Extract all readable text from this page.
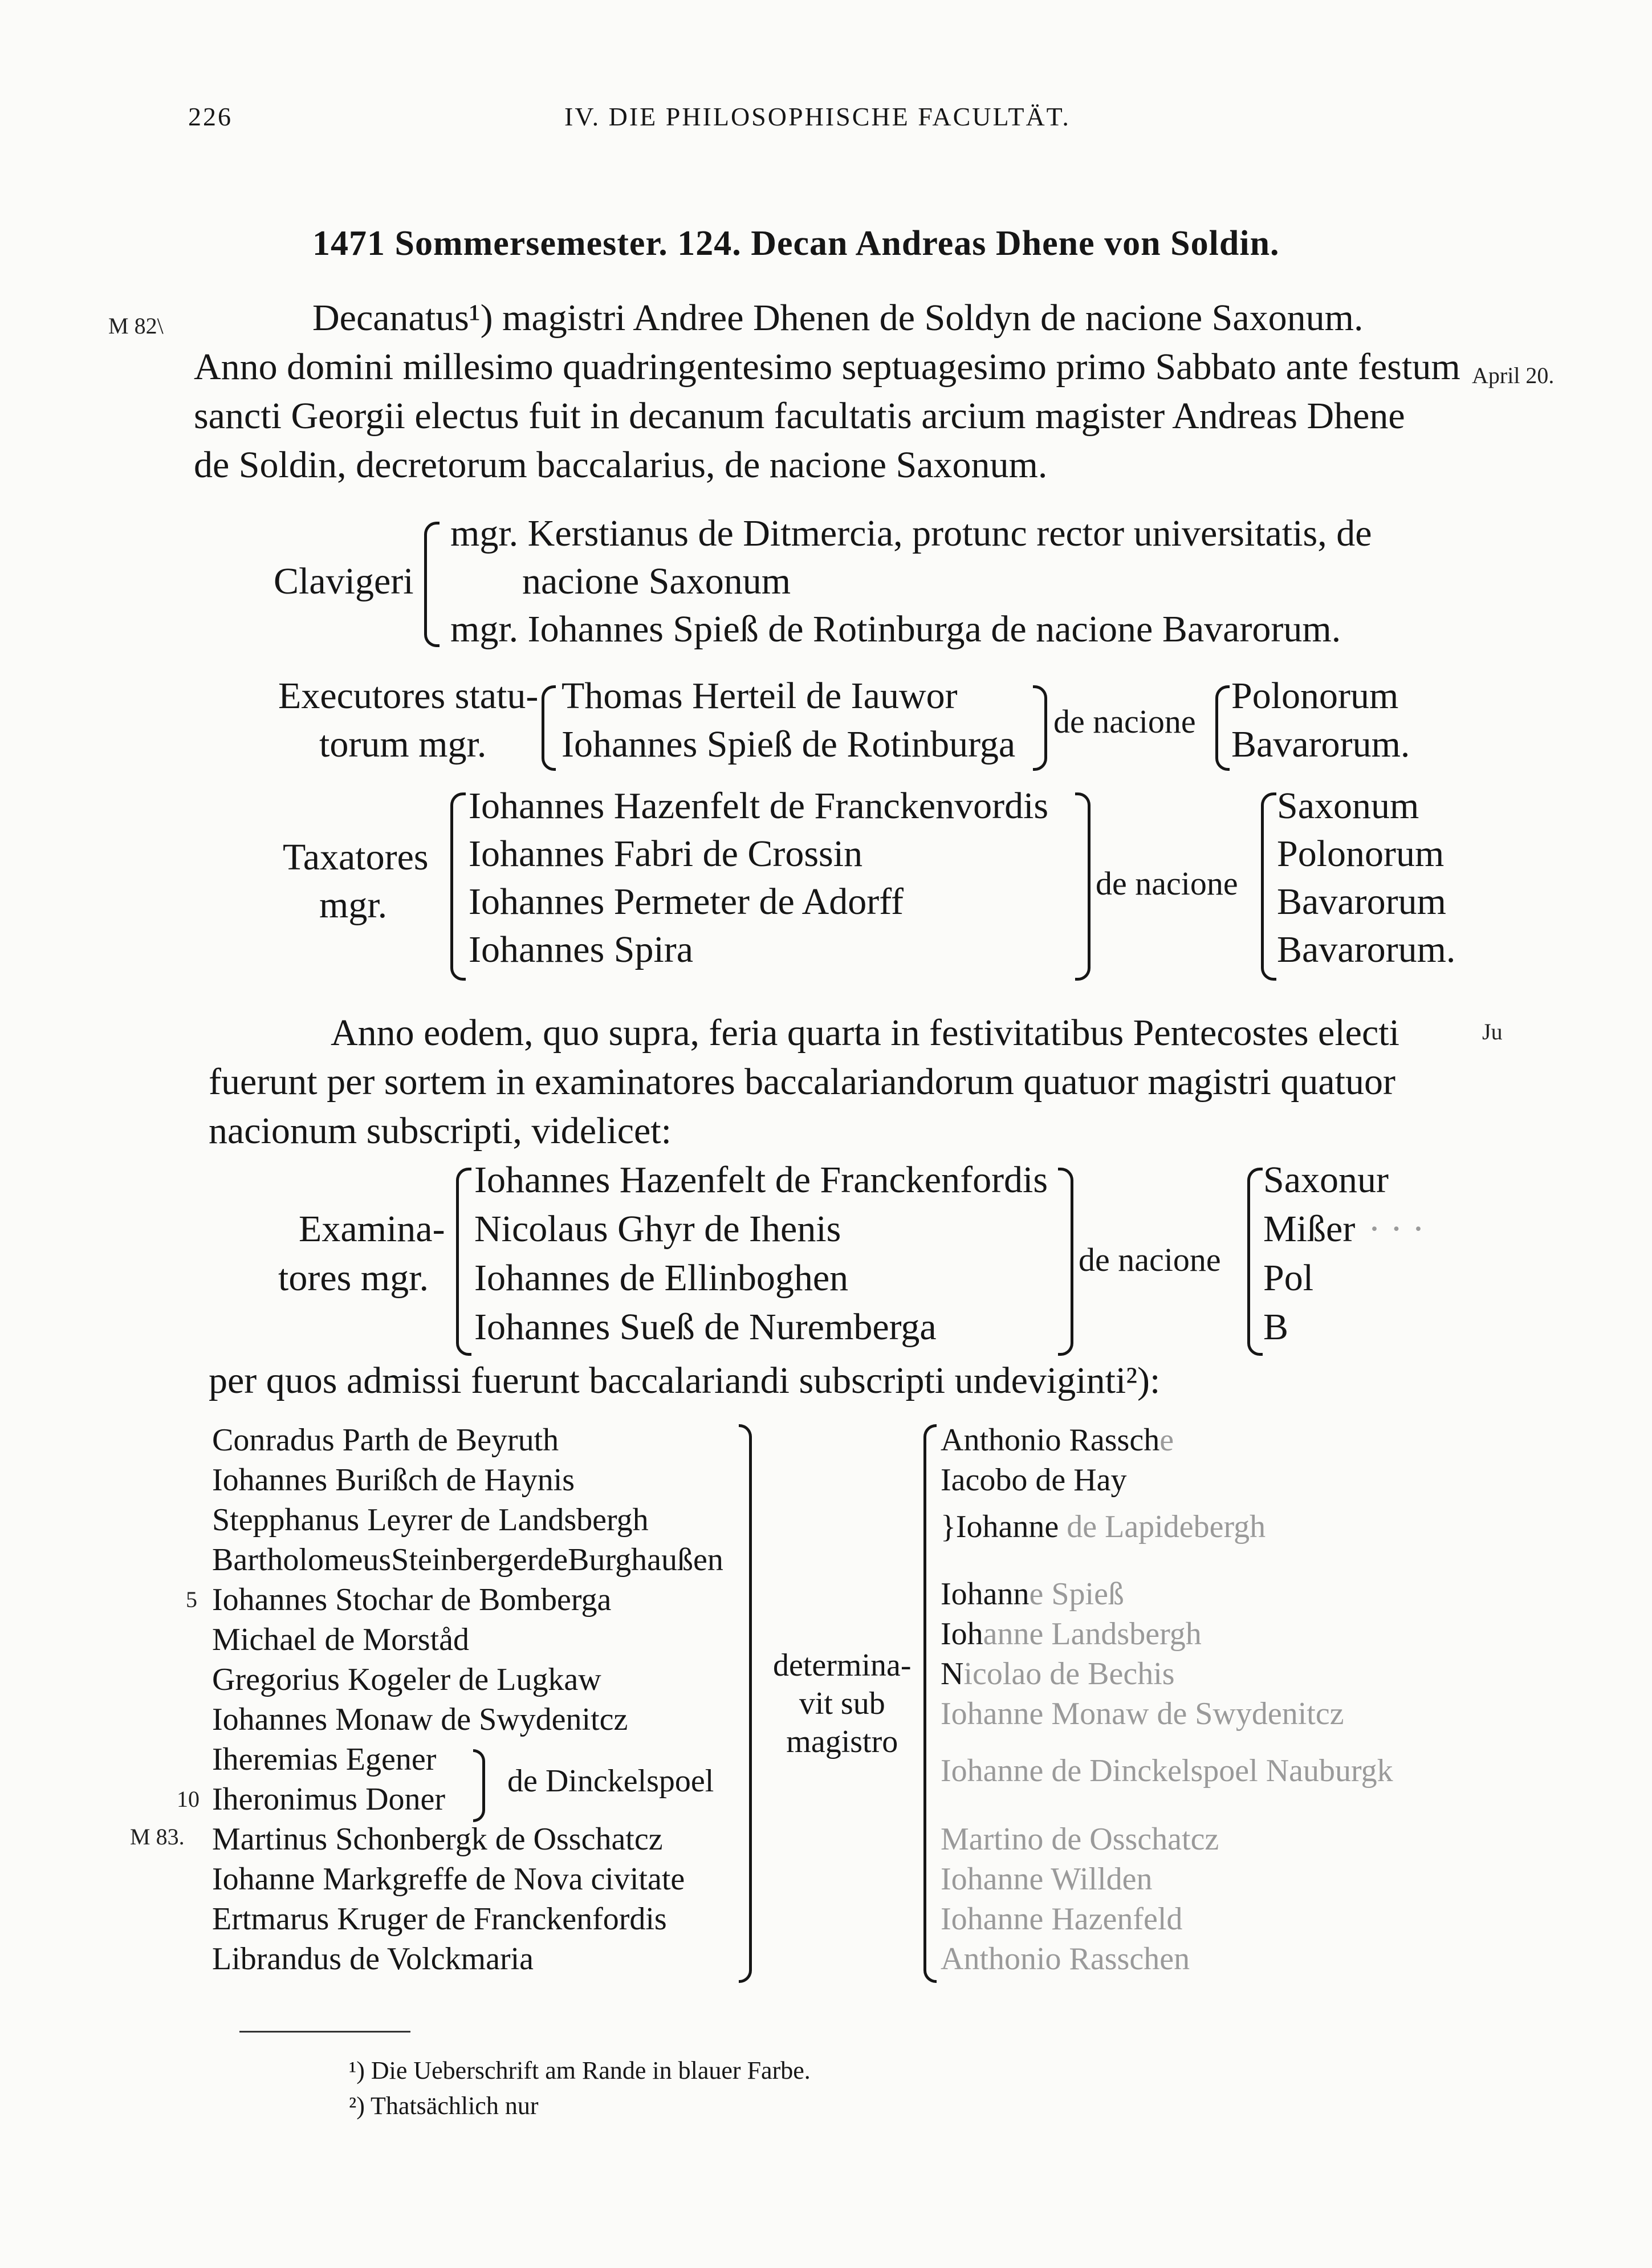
226	IV. DIE PHILOSOPHISCHE FACULTÄT.
1471 Sommersemester. 124. Decan Andreas Dhene von Soldin.
M 82\
April 20.
Ju
M 83.
Decanatus¹) magistri Andree Dhenen de Soldyn de nacione Saxonum.
Anno domini millesimo quadringentesimo septuagesimo primo Sabbato ante festum
sancti Georgii electus fuit in decanum facultatis arcium magister Andreas Dhene
de Soldin, decretorum baccalarius, de nacione Saxonum.
Clavigeri
mgr. Kerstianus de Ditmercia, protunc rector universitatis, de
nacione Saxonum
mgr. Iohannes Spieß de Rotinburga de nacione Bavarorum.
Executores statu-
torum mgr.
Thomas Herteil de Iauwor
Iohannes Spieß de Rotinburga
de nacione
Polonorum
Bavarorum.
Taxatores
mgr.
Iohannes Hazenfelt de Franckenvordis
Iohannes Fabri de Crossin
Iohannes Permeter de Adorff
Iohannes Spira
de nacione
Saxonum
Polonorum
Bavarorum
Bavarorum.
Anno eodem, quo supra, feria quarta in festivitatibus Pentecostes electi
fuerunt per sortem in examinatores baccalariandorum quatuor magistri quatuor
nacionum subscripti, videlicet:
Examina-
tores mgr.
Iohannes Hazenfelt de Franckenfordis
Nicolaus Ghyr de Ihenis
Iohannes de Ellinboghen
Iohannes Sueß de Nuremberga
de nacione
Saxonur
Mißer
Pol
B
· · ·
per quos admissi fuerunt baccalariandi subscripti undeviginti²):
Conradus Parth de Beyruth
Iohannes Burißch de Haynis
Stepphanus Leyrer de Landsbergh
BartholomeusSteinbergerdeBurghaußen
5 Iohannes Stochar de Bomberga
Michael de Morståd
Gregorius Kogeler de Lugkaw
Iohannes Monaw de Swydenitcz
Iheremias Egener
10 Iheronimus Doner
Martinus Schonbergk de Osschatcz
Iohanne Markgreffe de Nova civitate
Ertmarus Kruger de Franckenfordis
Librandus de Volckmaria
de Dinckelspoel
determina-
vit sub
magistro
Anthonio Rassche
Iacobo de Hay
}Iohanne de Lapidebergh
Iohanne Spieß
Iohanne Landsbergh
Nicolao de Bechis
Iohanne Monaw de Swydenitcz
Iohanne de Dinckelspoel Nauburgk
Martino de Osschatcz
Iohanne Willden
Iohanne Hazenfeld
Anthonio Rasschen
¹) Die Ueberschrift am Rande in blauer Farbe.
²) Thatsächlich nur
